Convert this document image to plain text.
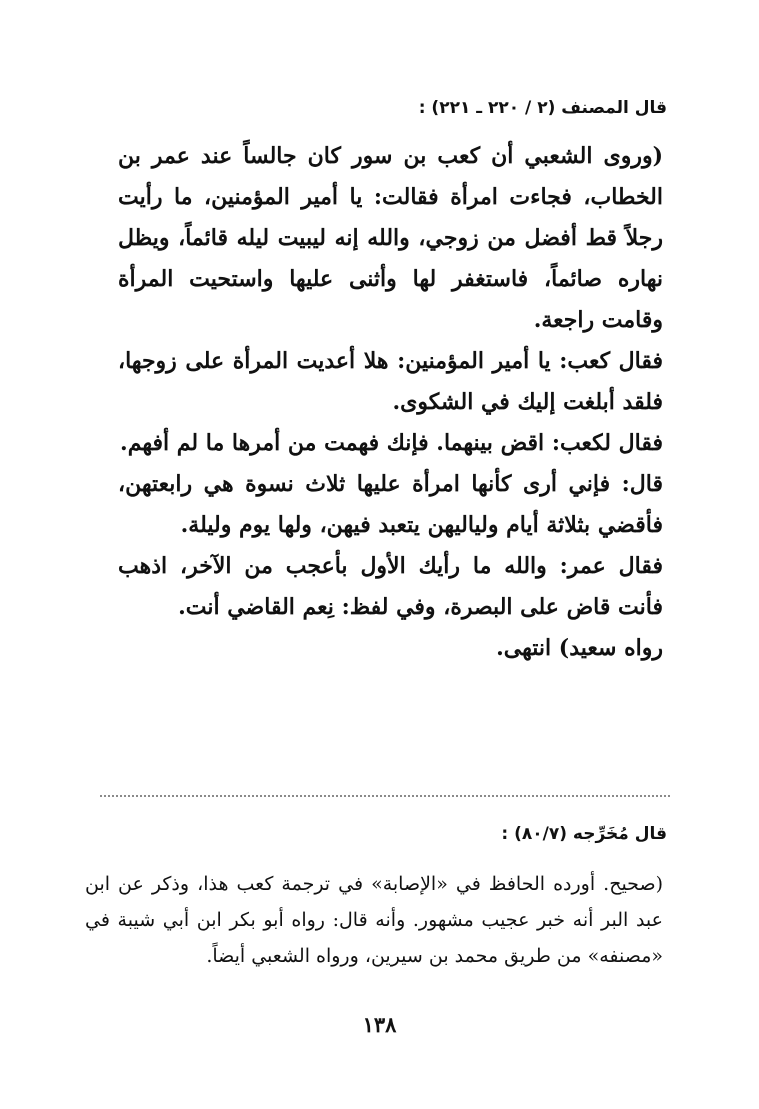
قال المصنف (٢ / ٢٢٠ ـ ٢٢١) :

(وروى الشعبي أن كعب بن سور كان جالساً عند عمر بن الخطاب، فجاءت امرأة فقالت: يا أمير المؤمنين، ما رأيت رجلاً قط أفضل من زوجي، والله إنه ليبيت ليله قائماً، ويظل نهاره صائماً، فاستغفر لها وأثنى عليها واستحيت المرأة وقامت راجعة.

فقال كعب: يا أمير المؤمنين: هلا أعديت المرأة على زوجها، فلقد أبلغت إليك في الشكوى.

فقال لكعب: اقض بينهما. فإنك فهمت من أمرها ما لم أفهم.

قال: فإني أرى كأنها امرأة عليها ثلاث نسوة هي رابعتهن، فأقضي بثلاثة أيام ولياليهن يتعبد فيهن، ولها يوم وليلة.

فقال عمر: والله ما رأيك الأول بأعجب من الآخر، اذهب فأنت قاض على البصرة، وفي لفظ: نِعم القاضي أنت.

رواه سعيد) انتهى.

قال مُخَرِّجه (٨٠/٧) :

(صحيح. أورده الحافظ في «الإصابة» في ترجمة كعب هذا، وذكر عن ابن عبد البر أنه خبر عجيب مشهور. وأنه قال: رواه أبو بكر ابن أبي شيبة في «مصنفه» من طريق محمد بن سيرين، ورواه الشعبي أيضاً.

١٣٨
